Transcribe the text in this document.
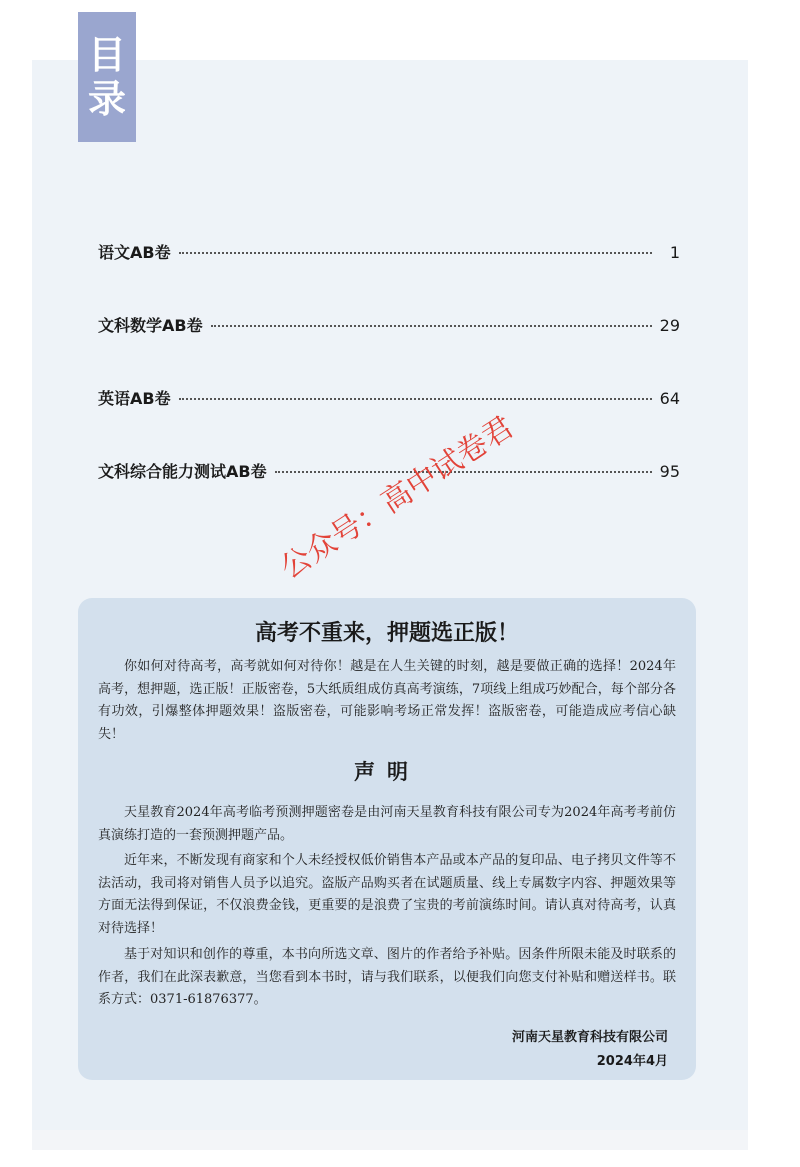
目
录
语文AB卷	1
文科数学AB卷	29
英语AB卷	64
文科综合能力测试AB卷	95
高考不重来，押题选正版！
你如何对待高考，高考就如何对待你！越是在人生关键的时刻，越是要做正确的选择！2024年高考，想押题，选正版！正版密卷，5大纸质组成仿真高考演练，7项线上组成巧妙配合，每个部分各有功效，引爆整体押题效果！盗版密卷，可能影响考场正常发挥！盗版密卷，可能造成应考信心缺失！
天星教育2024年高考临考预测押题密卷是由河南天星教育科技有限公司专为2024年高考考前仿真演练打造的一套预测押题产品。
近年来，不断发现有商家和个人未经授权低价销售本产品或本产品的复印品、电子拷贝文件等不法活动，我司将对销售人员予以追究。盗版产品购买者在试题质量、线上专属数字内容、押题效果等方面无法得到保证，不仅浪费金钱，更重要的是浪费了宝贵的考前演练时间。请认真对待高考，认真对待选择！
基于对知识和创作的尊重，本书向所选文章、图片的作者给予补贴。因条件所限未能及时联系的作者，我们在此深表歉意，当您看到本书时，请与我们联系，以便我们向您支付补贴和赠送样书。联系方式：0371-61876377。
河南天星教育科技有限公司
2024年4月
声明
公众号：高中试卷君
